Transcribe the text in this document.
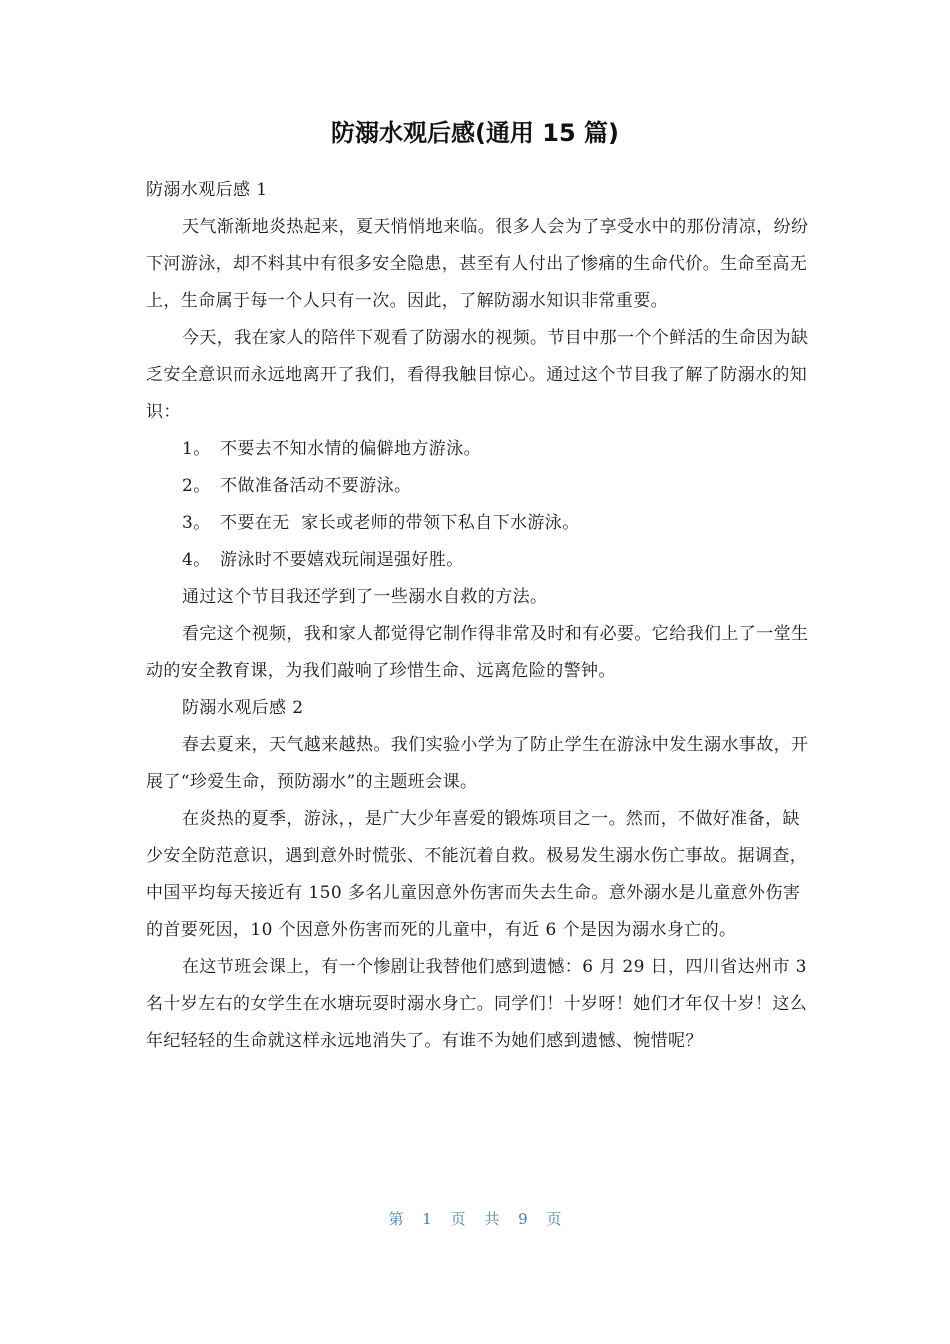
防溺水观后感(通用 15 篇)

防溺水观后感 1

天气渐渐地炎热起来，夏天悄悄地来临。很多人会为了享受水中的那份清凉，纷纷下河游泳，却不料其中有很多安全隐患，甚至有人付出了惨痛的生命代价。生命至高无上，生命属于每一个人只有一次。因此，了解防溺水知识非常重要。

今天，我在家人的陪伴下观看了防溺水的视频。节目中那一个个鲜活的生命因为缺乏安全意识而永远地离开了我们，看得我触目惊心。通过这个节目我了解了防溺水的知识：

1。 不要去不知水情的偏僻地方游泳。

2。 不做准备活动不要游泳。

3。 不要在无  家长或老师的带领下私自下水游泳。

4。 游泳时不要嬉戏玩闹逞强好胜。

通过这个节目我还学到了一些溺水自救的方法。

看完这个视频，我和家人都觉得它制作得非常及时和有必要。它给我们上了一堂生动的安全教育课，为我们敲响了珍惜生命、远离危险的警钟。

防溺水观后感 2

春去夏来，天气越来越热。我们实验小学为了防止学生在游泳中发生溺水事故，开展了“珍爱生命，预防溺水”的主题班会课。

在炎热的夏季，游泳，，是广大少年喜爱的锻炼项目之一。然而，不做好准备，缺少安全防范意识，遇到意外时慌张、不能沉着自救。极易发生溺水伤亡事故。据调查，中国平均每天接近有 150 多名儿童因意外伤害而失去生命。意外溺水是儿童意外伤害的首要死因，10 个因意外伤害而死的儿童中，有近 6 个是因为溺水身亡的。

在这节班会课上，有一个惨剧让我替他们感到遗憾：6 月 29 日，四川省达州市 3 名十岁左右的女学生在水塘玩耍时溺水身亡。同学们！十岁呀！她们才年仅十岁！这么年纪轻轻的生命就这样永远地消失了。有谁不为她们感到遗憾、惋惜呢？

第 1 页 共 9 页
